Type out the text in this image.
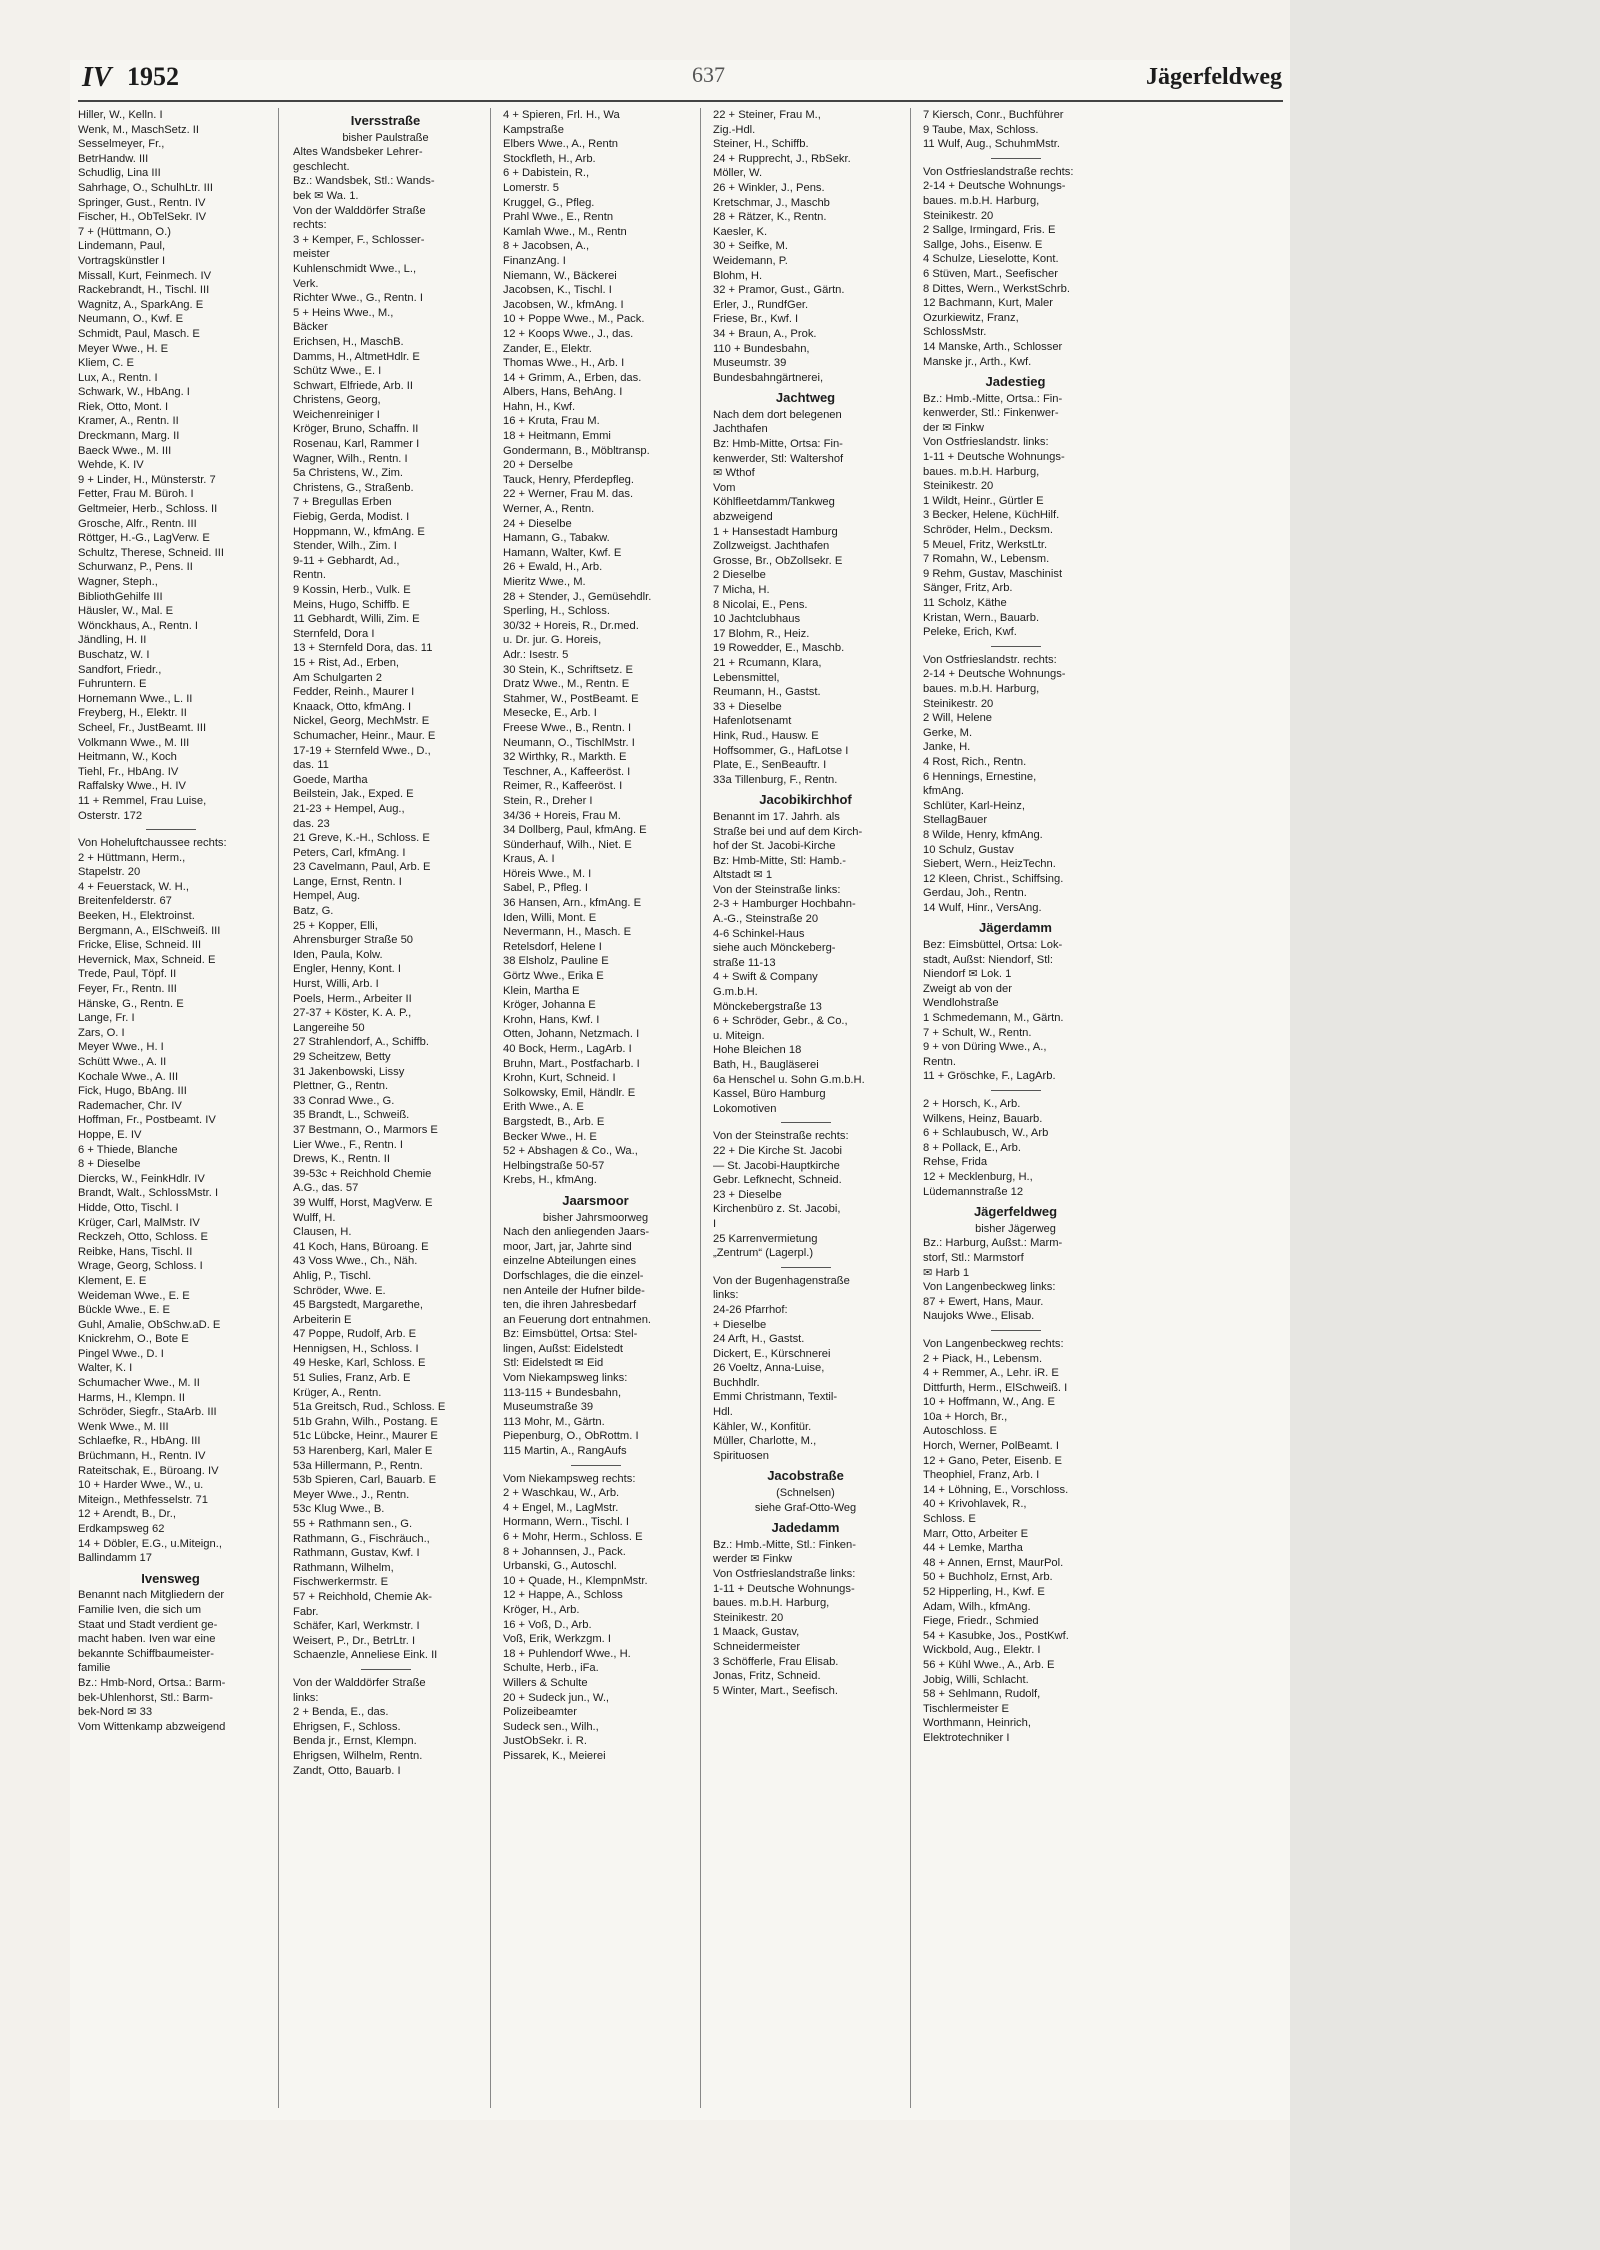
IV 1952	637	Jägerfeldweg
Hiller, W., Kelln. I
Wenk, M., MaschSetz. II
Sesselmeyer, Fr.,
BetrHandw. III
Schudlig, Lina III
Sahrhage, O., SchulhLtr. III
Springer, Gust., Rentn. IV
Fischer, H., ObTelSekr. IV
7 + (Hüttmann, O.)
Lindemann, Paul,
Vortragskünstler I
Missall, Kurt, Feinmech. IV
Rackebrandt, H., Tischl. III
Wagnitz, A., SparkAng. E
Neumann, O., Kwf. E
Schmidt, Paul, Masch. E
Meyer Wwe., H. E
Kliem, C. E
Lux, A., Rentn. I
Schwark, W., HbAng. I
Riek, Otto, Mont. I
Kramer, A., Rentn. II
Dreckmann, Marg. II
Baeck Wwe., M. III
Wehde, K. IV
9 + Linder, H., Münsterstr. 7
Fetter, Frau M. Büroh. I
Geltmeier, Herb., Schloss. II
Grosche, Alfr., Rentn. III
Röttger, H.-G., LagVerw. E
Schultz, Therese, Schneid. III
Schurwanz, P., Pens. II
Wagner, Steph.,
BibliothGehilfe III
Häusler, W., Mal. E
Wönckhaus, A., Rentn. I
Jändling, H. II
Buschatz, W. I
Sandfort, Friedr.,
Fuhruntern. E
Hornemann Wwe., L. II
Freyberg, H., Elektr. II
Scheel, Fr., JustBeamt. III
Volkmann Wwe., M. III
Heitmann, W., Koch
Tiehl, Fr., HbAng. IV
Raffalsky Wwe., H. IV
11 + Remmel, Frau Luise,
Osterstr. 172
Von Hoheluftchaussee rechts:
2 + Hüttmann, Herm.,
Stapelstr. 20
4 + Feuerstack, W. H.,
Breitenfelderstr. 67
Beeken, H., Elektroinst.
Bergmann, A., ElSchweiß. III
Fricke, Elise, Schneid. III
Hevernick, Max, Schneid. E
Trede, Paul, Töpf. II
Feyer, Fr., Rentn. III
Hänske, G., Rentn. E
Lange, Fr. I
Zars, O. I
Meyer Wwe., H. I
Schütt Wwe., A. II
Kochale Wwe., A. III
Fick, Hugo, BbAng. III
Rademacher, Chr. IV
Hoffman, Fr., Postbeamt. IV
Hoppe, E. IV
6 + Thiede, Blanche
8 + Dieselbe
Diercks, W., FeinkHdlr. IV
Brandt, Walt., SchlossMstr. I
Hidde, Otto, Tischl. I
Krüger, Carl, MalMstr. IV
Reckzeh, Otto, Schloss. E
Reibke, Hans, Tischl. II
Wrage, Georg, Schloss. I
Klement, E. E
Weideman Wwe., E. E
Bückle Wwe., E. E
Guhl, Amalie, ObSchw.aD. E
Knickrehm, O., Bote E
Pingel Wwe., D. I
Walter, K. I
Schumacher Wwe., M. II
Harms, H., Klempn. II
Schröder, Siegfr., StaArb. III
Wenk Wwe., M. III
Schlaefke, R., HbAng. III
Brüchmann, H., Rentn. IV
Rateitschak, E., Büroang. IV
10 + Harder Wwe., W., u.
Miteign., Methfesselstr. 71
12 + Arendt, B., Dr.,
Erdkampsweg 62
14 + Döbler, E.G., u.Miteign.,
Ballindamm 17
Ivensweg
Benannt nach Mitgliedern der
Familie Iven, die sich um
Staat und Stadt verdient ge-
macht haben. Iven war eine
bekannte Schiffbaumeister-
familie
Bz.: Hmb-Nord, Ortsa.: Barm-
bek-Uhlenhorst, Stl.: Barm-
bek-Nord ✉ 33
Vom Wittenkamp abzweigend
Iversstraße
bisher Paulstraße
Altes Wandsbeker Lehrer-
geschlecht.
Bz.: Wandsbek, Stl.: Wands-
bek ✉ Wa. 1.
Von der Walddörfer Straße
rechts:
3 + Kemper, F., Schlosser-
meister
Kuhlenschmidt Wwe., L.,
Verk.
Richter Wwe., G., Rentn. I
5 + Heins Wwe., M.,
Bäcker
Erichsen, H., MaschB.
Damms, H., AltmetHdlr. E
Schütz Wwe., E. I
Schwart, Elfriede, Arb. II
Christens, Georg,
Weichenreiniger I
Kröger, Bruno, Schaffn. II
Rosenau, Karl, Rammer I
Wagner, Wilh., Rentn. I
5a Christens, W., Zim.
Christens, G., Straßenb.
7 + Bregullas Erben
Fiebig, Gerda, Modist. I
Hoppmann, W., kfmAng. E
Stender, Wilh., Zim. I
9-11 + Gebhardt, Ad.,
Rentn.
9 Kossin, Herb., Vulk. E
Meins, Hugo, Schiffb. E
11 Gebhardt, Willi, Zim. E
Sternfeld, Dora I
13 + Sternfeld Dora, das. 11
15 + Rist, Ad., Erben,
Am Schulgarten 2
Fedder, Reinh., Maurer I
Knaack, Otto, kfmAng. I
Nickel, Georg, MechMstr. E
Schumacher, Heinr., Maur. E
17-19 + Sternfeld Wwe., D.,
das. 11
Goede, Martha
Beilstein, Jak., Exped. E
21-23 + Hempel, Aug.,
das. 23
21 Greve, K.-H., Schloss. E
Peters, Carl, kfmAng. I
23 Cavelmann, Paul, Arb. E
Lange, Ernst, Rentn. I
Hempel, Aug.
Batz, G.
25 + Kopper, Elli,
Ahrensburger Straße 50
Iden, Paula, Kolw.
Engler, Henny, Kont. I
Hurst, Willi, Arb. I
Poels, Herm., Arbeiter II
27-37 + Köster, K. A. P.,
Langereihe 50
27 Strahlendorf, A., Schiffb.
29 Scheitzew, Betty
31 Jakenbowski, Lissy
Plettner, G., Rentn.
33 Conrad Wwe., G.
35 Brandt, L., Schweiß.
37 Bestmann, O., Marmors E
Lier Wwe., F., Rentn. I
Drews, K., Rentn. II
39-53c + Reichhold Chemie
A.G., das. 57
39 Wulff, Horst, MagVerw. E
Wulff, H.
Clausen, H.
41 Koch, Hans, Büroang. E
43 Voss Wwe., Ch., Näh.
Ahlig, P., Tischl.
Schröder, Wwe. E.
45 Bargstedt, Margarethe,
Arbeiterin E
47 Poppe, Rudolf, Arb. E
Hennigsen, H., Schloss. I
49 Heske, Karl, Schloss. E
51 Sulies, Franz, Arb. E
Krüger, A., Rentn.
51a Greitsch, Rud., Schloss. E
51b Grahn, Wilh., Postang. E
51c Lübcke, Heinr., Maurer E
53 Harenberg, Karl, Maler E
53a Hillermann, P., Rentn.
53b Spieren, Carl, Bauarb. E
Meyer Wwe., J., Rentn.
53c Klug Wwe., B.
55 + Rathmann sen., G.
Rathmann, G., Fischräuch.,
Rathmann, Gustav, Kwf. I
Rathmann, Wilhelm,
Fischwerkermstr. E
57 + Reichhold, Chemie Ak-
Fabr.
Schäfer, Karl, Werkmstr. I
Weisert, P., Dr., BetrLtr. I
Schaenzle, Anneliese Eink. II
Von der Walddörfer Straße
links:
2 + Benda, E., das.
Ehrigsen, F., Schloss.
Benda jr., Ernst, Klempn.
Ehrigsen, Wilhelm, Rentn.
Zandt, Otto, Bauarb. I
4 + Spieren, Frl. H., Wa
Kampstraße
Elbers Wwe., A., Rentn
Stockfleth, H., Arb.
6 + Dabistein, R.,
Lomerstr. 5
Kruggel, G., Pfleg.
Prahl Wwe., E., Rentn
Kamlah Wwe., M., Rentn
8 + Jacobsen, A.,
FinanzAng. I
Niemann, W., Bäckerei
Jacobsen, K., Tischl. I
Jacobsen, W., kfmAng. I
10 + Poppe Wwe., M., Pack.
12 + Koops Wwe., J., das.
Zander, E., Elektr.
Thomas Wwe., H., Arb. I
14 + Grimm, A., Erben, das.
Albers, Hans, BehAng. I
Hahn, H., Kwf.
16 + Kruta, Frau M.
18 + Heitmann, Emmi
Gondermann, B., Möbltransp.
20 + Derselbe
Tauck, Henry, Pferdepfleg.
22 + Werner, Frau M. das.
Werner, A., Rentn.
24 + Dieselbe
Hamann, G., Tabakw.
Hamann, Walter, Kwf. E
26 + Ewald, H., Arb.
Mieritz Wwe., M.
28 + Stender, J., Gemüsehdlr.
Sperling, H., Schloss.
30/32 + Horeis, R., Dr.med.
u. Dr. jur. G. Horeis,
Adr.: Isestr. 5
30 Stein, K., Schriftsetz. E
Dratz Wwe., M., Rentn. E
Stahmer, W., PostBeamt. E
Mesecke, E., Arb. I
Freese Wwe., B., Rentn. I
Neumann, O., TischlMstr. I
32 Wirthky, R., Markth. E
Teschner, A., Kaffeeröst. I
Reimer, R., Kaffeeröst. I
Stein, R., Dreher I
34/36 + Horeis, Frau M.
34 Dollberg, Paul, kfmAng. E
Sünderhauf, Wilh., Niet. E
Kraus, A. I
Höreis Wwe., M. I
Sabel, P., Pfleg. I
36 Hansen, Arn., kfmAng. E
Iden, Willi, Mont. E
Nevermann, H., Masch. E
Retelsdorf, Helene I
38 Elsholz, Pauline E
Görtz Wwe., Erika E
Klein, Martha E
Kröger, Johanna E
Krohn, Hans, Kwf. I
Otten, Johann, Netzmach. I
40 Bock, Herm., LagArb. I
Bruhn, Mart., Postfacharb. I
Krohn, Kurt, Schneid. I
Solkowsky, Emil, Händlr. E
Erith Wwe., A. E
Bargstedt, B., Arb. E
Becker Wwe., H. E
52 + Abshagen & Co., Wa.,
Helbingstraße 50-57
Krebs, H., kfmAng.
Jaarsmoor
bisher Jahrsmoorweg
Nach den anliegenden Jaars-
moor, Jart, jar, Jahrte sind
einzelne Abteilungen eines
Dorfschlages, die die einzel-
nen Anteile der Hufner bilde-
ten, die ihren Jahresbedarf
an Feuerung dort entnahmen.
Bz: Eimsbüttel, Ortsa: Stel-
lingen, Außst: Eidelstedt
Stl: Eidelstedt ✉ Eid
Vom Niekampsweg links:
113-115 + Bundesbahn,
Museumstraße 39
113 Mohr, M., Gärtn.
Piepenburg, O., ObRottm. I
115 Martin, A., RangAufs
Vom Niekampsweg rechts:
2 + Waschkau, W., Arb.
4 + Engel, M., LagMstr.
Hormann, Wern., Tischl. I
6 + Mohr, Herm., Schloss. E
8 + Johannsen, J., Pack.
Urbanski, G., Autoschl.
10 + Quade, H., KlempnMstr.
12 + Happe, A., Schloss
Kröger, H., Arb.
16 + Voß, D., Arb.
Voß, Erik, Werkzgm. I
18 + Puhlendorf Wwe., H.
Schulte, Herb., iFa.
Willers & Schulte
20 + Sudeck jun., W.,
Polizeibeamter
Sudeck sen., Wilh.,
JustObSekr. i. R.
Pissarek, K., Meierei
22 + Steiner, Frau M.,
Zig.-Hdl.
Steiner, H., Schiffb.
24 + Rupprecht, J., RbSekr.
Möller, W.
26 + Winkler, J., Pens.
Kretschmar, J., Maschb
28 + Rätzer, K., Rentn.
Kaesler, K.
30 + Seifke, M.
Weidemann, P.
Blohm, H.
32 + Pramor, Gust., Gärtn.
Erler, J., RundfGer.
Friese, Br., Kwf. I
34 + Braun, A., Prok.
110 + Bundesbahn,
Museumstr. 39
Bundesbahngärtnerei,
Jachtweg
Nach dem dort belegenen
Jachthafen
Bz: Hmb-Mitte, Ortsa: Fin-
kenwerder, Stl: Waltershof
✉ Wthof
Vom
Köhlfleetdamm/Tankweg
abzweigend
1 + Hansestadt Hamburg
Zollzweigst. Jachthafen
Grosse, Br., ObZollsekr. E
2 Dieselbe
7 Micha, H.
8 Nicolai, E., Pens.
10 Jachtclubhaus
17 Blohm, R., Heiz.
19 Rowedder, E., Maschb.
21 + Rcumann, Klara,
Lebensmittel,
Reumann, H., Gastst.
33 + Dieselbe
Hafenlotsenamt
Hink, Rud., Hausw. E
Hoffsommer, G., HafLotse I
Plate, E., SenBeauftr. I
33a Tillenburg, F., Rentn.
Jacobikirchhof
Benannt im 17. Jahrh. als
Straße bei und auf dem Kirch-
hof der St. Jacobi-Kirche
Bz: Hmb-Mitte, Stl: Hamb.-
Altstadt ✉ 1
Von der Steinstraße links:
2-3 + Hamburger Hochbahn-
A.-G., Steinstraße 20
4-6 Schinkel-Haus
siehe auch Mönckeberg-
straße 11-13
4 + Swift & Company
G.m.b.H.
Mönckebergstraße 13
6 + Schröder, Gebr., & Co.,
u. Miteign.
Hohe Bleichen 18
Bath, H., Baugläserei
6a Henschel u. Sohn G.m.b.H.
Kassel, Büro Hamburg
Lokomotiven
Von der Steinstraße rechts:
22 + Die Kirche St. Jacobi
— St. Jacobi-Hauptkirche
Gebr. Lefknecht, Schneid.
23 + Dieselbe
Kirchenbüro z. St. Jacobi,
I
25 Karrenvermietung
„Zentrum“ (Lagerpl.)
Von der Bugenhagenstraße
links:
24-26 Pfarrhof:
+ Dieselbe
24 Arft, H., Gastst.
Dickert, E., Kürschnerei
26 Voeltz, Anna-Luise,
Buchhdlr.
Emmi Christmann, Textil-
Hdl.
Kähler, W., Konfitür.
Müller, Charlotte, M.,
Spirituosen
Jacobstraße
(Schnelsen)
siehe Graf-Otto-Weg
Jadedamm
Bz.: Hmb.-Mitte, Stl.: Finken-
werder ✉ Finkw
Von Ostfrieslandstraße links:
1-11 + Deutsche Wohnungs-
baues. m.b.H. Harburg,
Steinikestr. 20
1 Maack, Gustav,
Schneidermeister
3 Schöfferle, Frau Elisab.
Jonas, Fritz, Schneid.
5 Winter, Mart., Seefisch.
7 Kiersch, Conr., Buchführer
9 Taube, Max, Schloss.
11 Wulf, Aug., SchuhmMstr.
Von Ostfrieslandstraße rechts:
2-14 + Deutsche Wohnungs-
baues. m.b.H. Harburg,
Steinikestr. 20
2 Sallge, Irmingard, Fris. E
Sallge, Johs., Eisenw. E
4 Schulze, Lieselotte, Kont.
6 Stüven, Mart., Seefischer
8 Dittes, Wern., WerkstSchrb.
12 Bachmann, Kurt, Maler
Ozurkiewitz, Franz,
SchlossMstr.
14 Manske, Arth., Schlosser
Manske jr., Arth., Kwf.
Jadestieg
Bz.: Hmb.-Mitte, Ortsa.: Fin-
kenwerder, Stl.: Finkenwer-
der ✉ Finkw
Von Ostfrieslandstr. links:
1-11 + Deutsche Wohnungs-
baues. m.b.H. Harburg,
Steinikestr. 20
1 Wildt, Heinr., Gürtler E
3 Becker, Helene, KüchHilf.
Schröder, Helm., Decksm.
5 Meuel, Fritz, WerkstLtr.
7 Romahn, W., Lebensm.
9 Rehm, Gustav, Maschinist
Sänger, Fritz, Arb.
11 Scholz, Käthe
Kristan, Wern., Bauarb.
Peleke, Erich, Kwf.
Von Ostfrieslandstr. rechts:
2-14 + Deutsche Wohnungs-
baues. m.b.H. Harburg,
Steinikestr. 20
2 Will, Helene
Gerke, M.
Janke, H.
4 Rost, Rich., Rentn.
6 Hennings, Ernestine,
kfmAng.
Schlüter, Karl-Heinz,
StellagBauer
8 Wilde, Henry, kfmAng.
10 Schulz, Gustav
Siebert, Wern., HeizTechn.
12 Kleen, Christ., Schiffsing.
Gerdau, Joh., Rentn.
14 Wulf, Hinr., VersAng.
Jägerdamm
Bez: Eimsbüttel, Ortsa: Lok-
stadt, Außst: Niendorf, Stl:
Niendorf ✉ Lok. 1
Zweigt ab von der
Wendlohstraße
1 Schmedemann, M., Gärtn.
7 + Schult, W., Rentn.
9 + von Düring Wwe., A.,
Rentn.
11 + Gröschke, F., LagArb.
2 + Horsch, K., Arb.
Wilkens, Heinz, Bauarb.
6 + Schlaubusch, W., Arb
8 + Pollack, E., Arb.
Rehse, Frida
12 + Mecklenburg, H.,
Lüdemannstraße 12
Jägerfeldweg
bisher Jägerweg
Bz.: Harburg, Außst.: Marm-
storf, Stl.: Marmstorf
✉ Harb 1
Von Langenbeckweg links:
87 + Ewert, Hans, Maur.
Naujoks Wwe., Elisab.
Von Langenbeckweg rechts:
2 + Piack, H., Lebensm.
4 + Remmer, A., Lehr. iR. E
Dittfurth, Herm., ElSchweiß. I
10 + Hoffmann, W., Ang. E
10a + Horch, Br.,
Autoschloss. E
Horch, Werner, PolBeamt. I
12 + Gano, Peter, Eisenb. E
Theophiel, Franz, Arb. I
14 + Löhning, E., Vorschloss.
40 + Krivohlavek, R.,
Schloss. E
Marr, Otto, Arbeiter E
44 + Lemke, Martha
48 + Annen, Ernst, MaurPol.
50 + Buchholz, Ernst, Arb.
52 Hipperling, H., Kwf. E
Adam, Wilh., kfmAng.
Fiege, Friedr., Schmied
54 + Kasubke, Jos., PostKwf.
Wickbold, Aug., Elektr. I
56 + Kühl Wwe., A., Arb. E
Jobig, Willi, Schlacht.
58 + Sehlmann, Rudolf,
Tischlermeister E
Worthmann, Heinrich,
Elektrotechniker I
